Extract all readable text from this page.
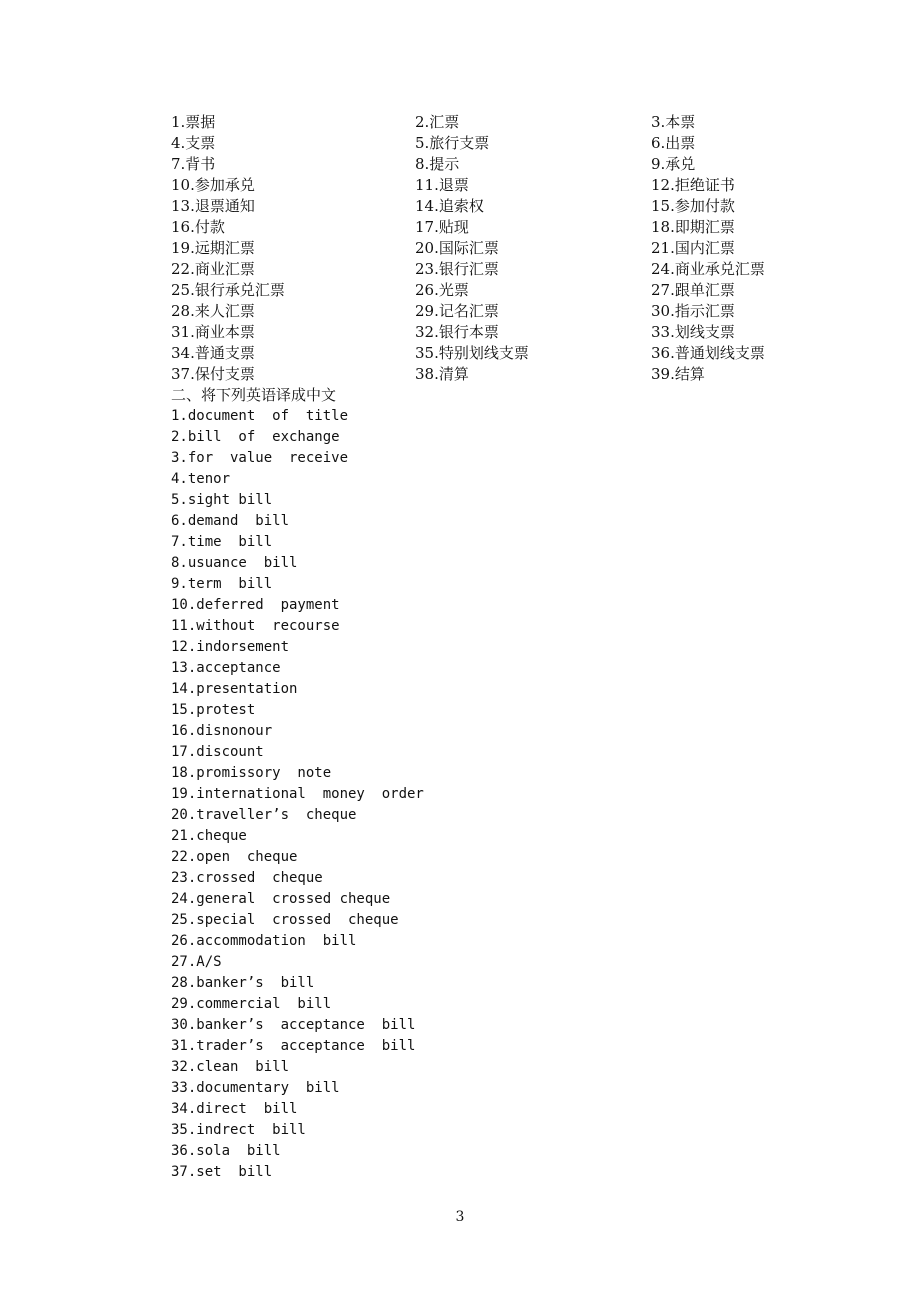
1.票据	2.汇票	3.本票
4.支票	5.旅行支票	6.出票
7.背书	8.提示	9.承兑
10.参加承兑	11.退票	12.拒绝证书
13.退票通知	14.追索权	15.参加付款
16.付款	17.贴现	18.即期汇票
19.远期汇票	20.国际汇票	21.国内汇票
22.商业汇票	23.银行汇票	24.商业承兑汇票
25.银行承兑汇票	26.光票	27.跟单汇票
28.来人汇票	29.记名汇票	30.指示汇票
31.商业本票	32.银行本票	33.划线支票
34.普通支票	35.特别划线支票	36.普通划线支票
37.保付支票	38.清算	39.结算
二、将下列英语译成中文
1.document  of  title
2.bill  of  exchange
3.for  value  receive
4.tenor
5.sight bill
6.demand  bill
7.time  bill
8.usuance  bill
9.term  bill
10.deferred  payment
11.without  recourse
12.indorsement
13.acceptance
14.presentation
15.protest
16.disnonour
17.discount
18.promissory  note
19.international  money  order
20.traveller’s  cheque
21.cheque
22.open  cheque
23.crossed  cheque
24.general  crossed cheque
25.special  crossed  cheque
26.accommodation  bill
27.A/S
28.banker’s  bill
29.commercial  bill
30.banker’s  acceptance  bill
31.trader’s  acceptance  bill
32.clean  bill
33.documentary  bill
34.direct  bill
35.indrect  bill
36.sola  bill
37.set  bill
3
